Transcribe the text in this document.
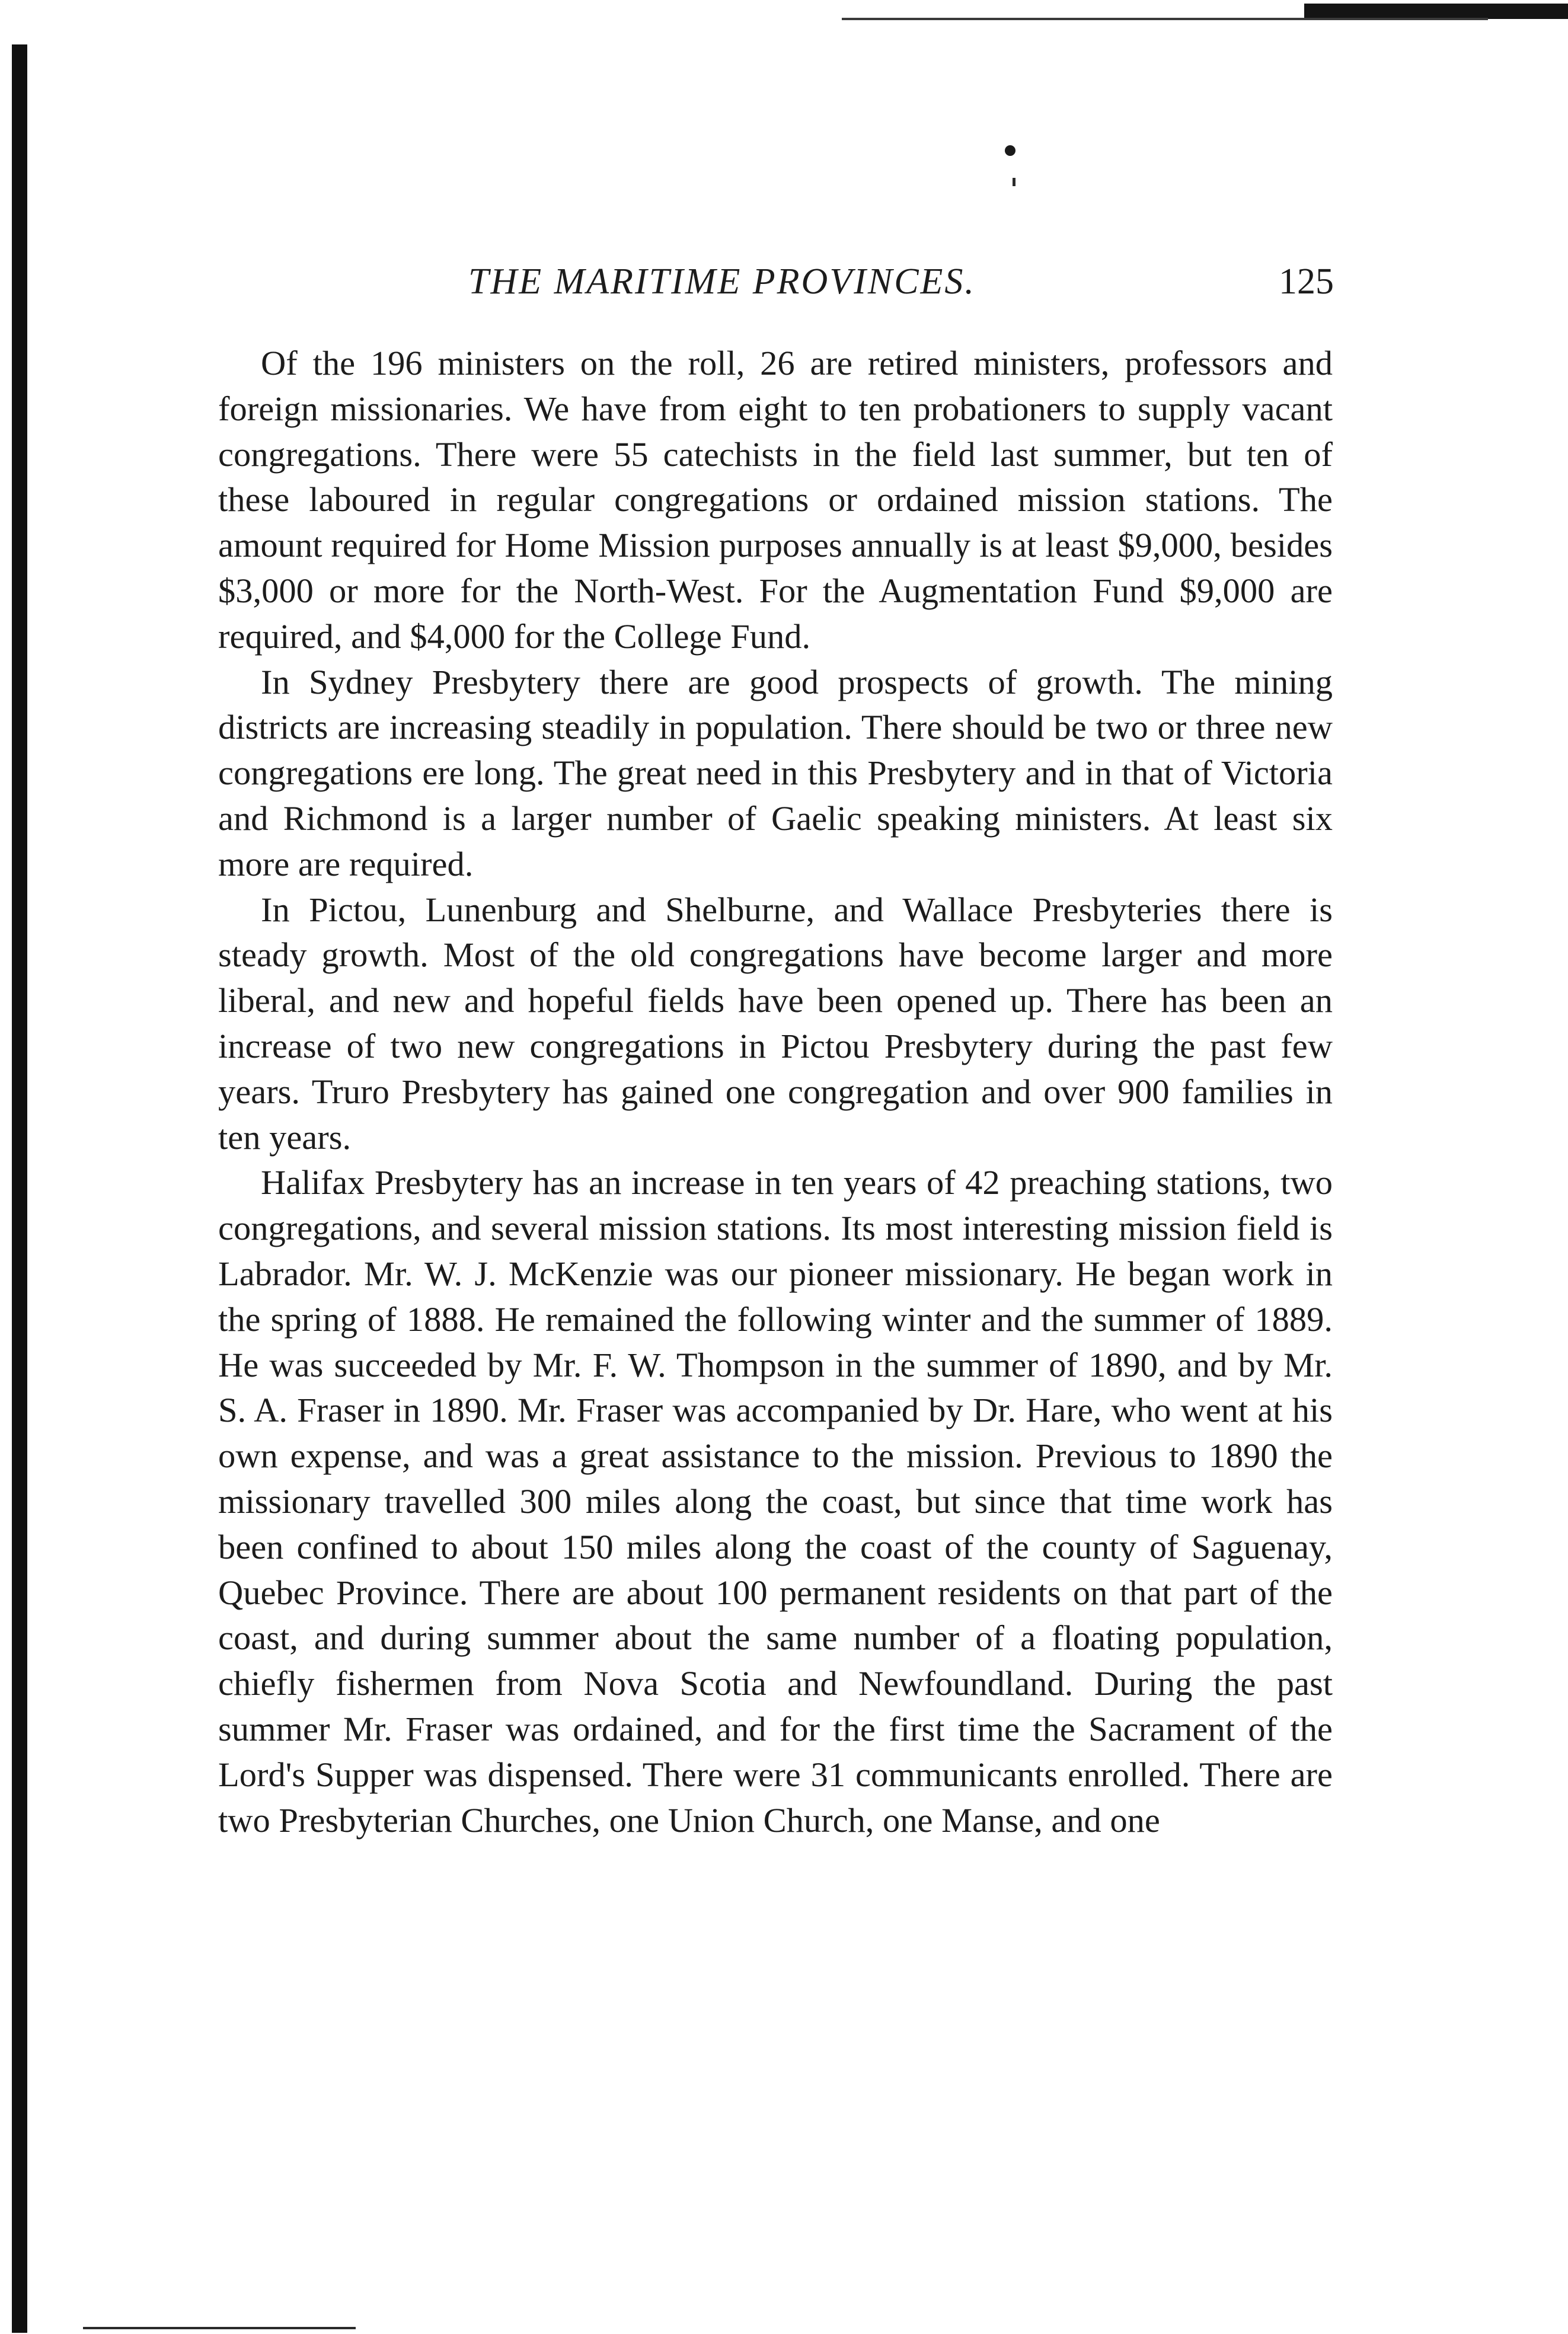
THE MARITIME PROVINCES.	125

Of the 196 ministers on the roll, 26 are retired ministers, professors and foreign missionaries. We have from eight to ten probationers to supply vacant congregations. There were 55 catechists in the field last summer, but ten of these laboured in regular congregations or ordained mission stations. The amount required for Home Mission purposes annually is at least $9,000, besides $3,000 or more for the North-West. For the Augmentation Fund $9,000 are required, and $4,000 for the College Fund.

In Sydney Presbytery there are good prospects of growth. The mining districts are increasing steadily in population. There should be two or three new congregations ere long. The great need in this Presbytery and in that of Victoria and Richmond is a larger number of Gaelic speaking ministers. At least six more are required.

In Pictou, Lunenburg and Shelburne, and Wallace Presbyteries there is steady growth. Most of the old congregations have become larger and more liberal, and new and hopeful fields have been opened up. There has been an increase of two new congregations in Pictou Presbytery during the past few years. Truro Presbytery has gained one congregation and over 900 families in ten years.

Halifax Presbytery has an increase in ten years of 42 preaching stations, two congregations, and several mission stations. Its most interesting mission field is Labrador. Mr. W. J. McKenzie was our pioneer missionary. He began work in the spring of 1888. He remained the following winter and the summer of 1889. He was succeeded by Mr. F. W. Thompson in the summer of 1890, and by Mr. S. A. Fraser in 1890. Mr. Fraser was accompanied by Dr. Hare, who went at his own expense, and was a great assistance to the mission. Previous to 1890 the missionary travelled 300 miles along the coast, but since that time work has been confined to about 150 miles along the coast of the county of Saguenay, Quebec Province. There are about 100 permanent residents on that part of the coast, and during summer about the same number of a floating population, chiefly fishermen from Nova Scotia and Newfoundland. During the past summer Mr. Fraser was ordained, and for the first time the Sacrament of the Lord's Supper was dispensed. There were 31 communicants enrolled. There are two Presbyterian Churches, one Union Church, one Manse, and one
